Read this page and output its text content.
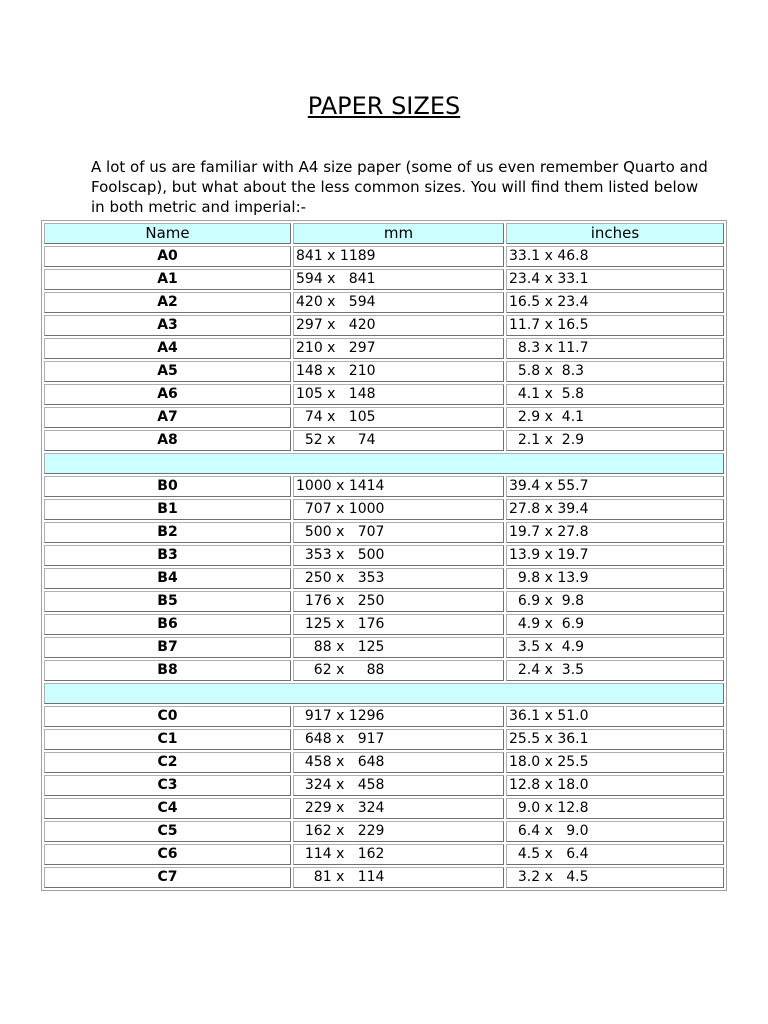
PAPER SIZES

A lot of us are familiar with A4 size paper (some of us even remember Quarto and Foolscap), but what about the less common sizes. You will find them listed below in both metric and imperial:-

Name	mm	inches
A0	841 x 1189	33.1 x 46.8
A1	594 x   841	23.4 x 33.1
A2	420 x   594	16.5 x 23.4
A3	297 x   420	11.7 x 16.5
A4	210 x   297	8.3 x 11.7
A5	148 x   210	5.8 x  8.3
A6	105 x   148	4.1 x  5.8
A7	74 x   105	2.9 x  4.1
A8	52 x     74	2.1 x  2.9

B0	1000 x 1414	39.4 x 55.7
B1	707 x 1000	27.8 x 39.4
B2	500 x   707	19.7 x 27.8
B3	353 x   500	13.9 x 19.7
B4	250 x   353	9.8 x 13.9
B5	176 x   250	6.9 x  9.8
B6	125 x   176	4.9 x  6.9
B7	88 x   125	3.5 x  4.9
B8	62 x     88	2.4 x  3.5

C0	917 x 1296	36.1 x 51.0
C1	648 x   917	25.5 x 36.1
C2	458 x   648	18.0 x 25.5
C3	324 x   458	12.8 x 18.0
C4	229 x   324	9.0 x 12.8
C5	162 x   229	6.4 x   9.0
C6	114 x   162	4.5 x   6.4
C7	81 x   114	3.2 x   4.5
